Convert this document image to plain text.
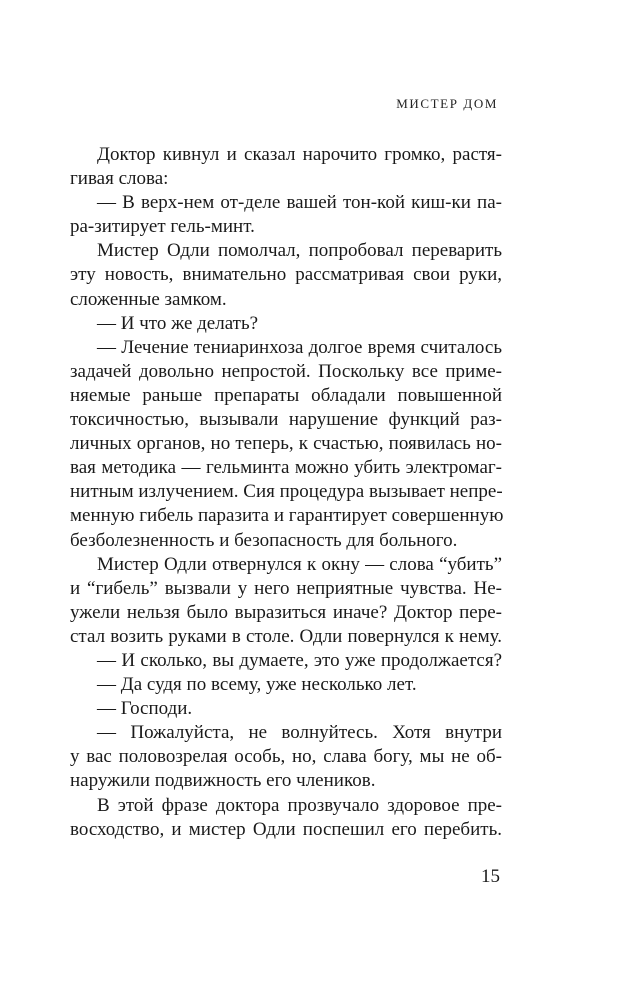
МИСТЕР ДОМ
Доктор кивнул и сказал нарочито громко, растя-
гивая слова:
— В верх-нем от-деле вашей тон-кой киш-ки па-
ра-зитирует гель-минт.
Мистер Одли помолчал, попробовал переварить
эту новость, внимательно рассматривая свои руки,
сложенные замком.
— И что же делать?
— Лечение тениаринхоза долгое время считалось
задачей довольно непростой. Поскольку все приме-
няемые раньше препараты обладали повышенной
токсичностью, вызывали нарушение функций раз-
личных органов, но теперь, к счастью, появилась но-
вая методика — гельминта можно убить электромаг-
нитным излучением. Сия процедура вызывает непре-
менную гибель паразита и гарантирует совершенную
безболезненность и безопасность для больного.
Мистер Одли отвернулся к окну — слова “убить”
и “гибель” вызвали у него неприятные чувства. Не-
ужели нельзя было выразиться иначе? Доктор пере-
стал возить руками в столе. Одли повернулся к нему.
— И сколько, вы думаете, это уже продолжается?
— Да судя по всему, уже несколько лет.
— Господи.
— Пожалуйста, не волнуйтесь. Хотя внутри
у вас половозрелая особь, но, слава богу, мы не об-
наружили подвижность его члеников.
В этой фразе доктора прозвучало здоровое пре-
восходство, и мистер Одли поспешил его перебить.
15
